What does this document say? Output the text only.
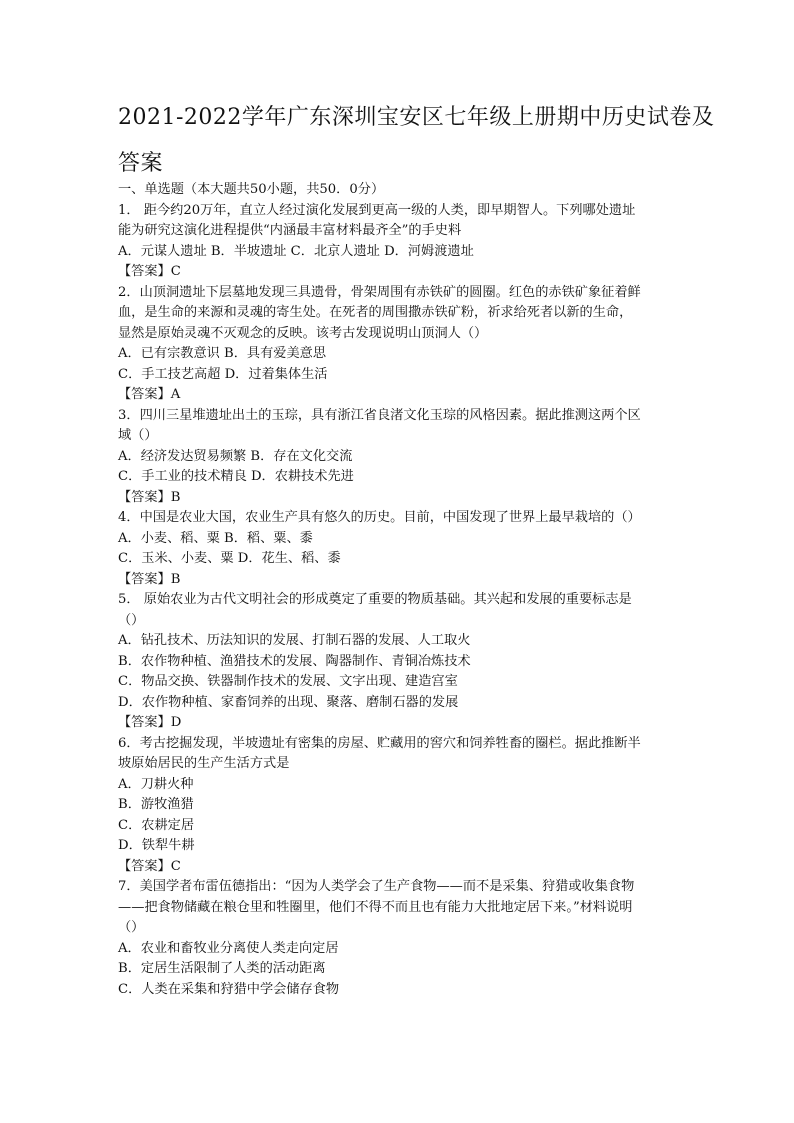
2021-2022学年广东深圳宝安区七年级上册期中历史试卷及
答案
一、单选题（本大题共50小题，共50．0分）
1． 距今约20万年，直立人经过演化发展到更高一级的人类，即早期智人。下列哪处遗址
能为研究这演化进程提供“内涵最丰富材料最齐全”的手史料
A．元谋人遗址 B．半坡遗址 C．北京人遗址 D．河姆渡遗址
【答案】C
2．山顶洞遗址下层墓地发现三具遗骨，骨架周围有赤铁矿的圆圈。红色的赤铁矿象征着鲜
血，是生命的来源和灵魂的寄生处。在死者的周围撒赤铁矿粉，祈求给死者以新的生命，
显然是原始灵魂不灭观念的反映。该考古发现说明山顶洞人（）
A．已有宗教意识 B．具有爱美意思
C．手工技艺高超 D．过着集体生活
【答案】A
3．四川三星堆遗址出土的玉琮，具有浙江省良渚文化玉琮的风格因素。据此推测这两个区
域（）
A．经济发达贸易频繁 B．存在文化交流
C．手工业的技术精良 D．农耕技术先进
【答案】B
4．中国是农业大国，农业生产具有悠久的历史。目前，中国发现了世界上最早栽培的（）
A．小麦、稻、粟 B．稻、粟、黍
C．玉米、小麦、粟 D．花生、稻、黍
【答案】B
5． 原始农业为古代文明社会的形成奠定了重要的物质基础。其兴起和发展的重要标志是
（）
A．钻孔技术、历法知识的发展、打制石器的发展、人工取火
B．农作物种植、渔猎技术的发展、陶器制作、青铜冶炼技术
C．物品交换、铁器制作技术的发展、文字出现、建造宫室
D．农作物种植、家畜饲养的出现、聚落、磨制石器的发展
【答案】D
6．考古挖掘发现，半坡遗址有密集的房屋、贮藏用的窖穴和饲养牲畜的圈栏。据此推断半
坡原始居民的生产生活方式是
A．刀耕火种
B．游牧渔猎
C．农耕定居
D．铁犁牛耕
【答案】C
7．美国学者布雷伍德指出：“因为人类学会了生产食物——而不是采集、狩猎或收集食物
——把食物储藏在粮仓里和牲圈里，他们不得不而且也有能力大批地定居下来。”材料说明
（）
A．农业和畜牧业分离使人类走向定居
B．定居生活限制了人类的活动距离
C．人类在采集和狩猎中学会储存食物
